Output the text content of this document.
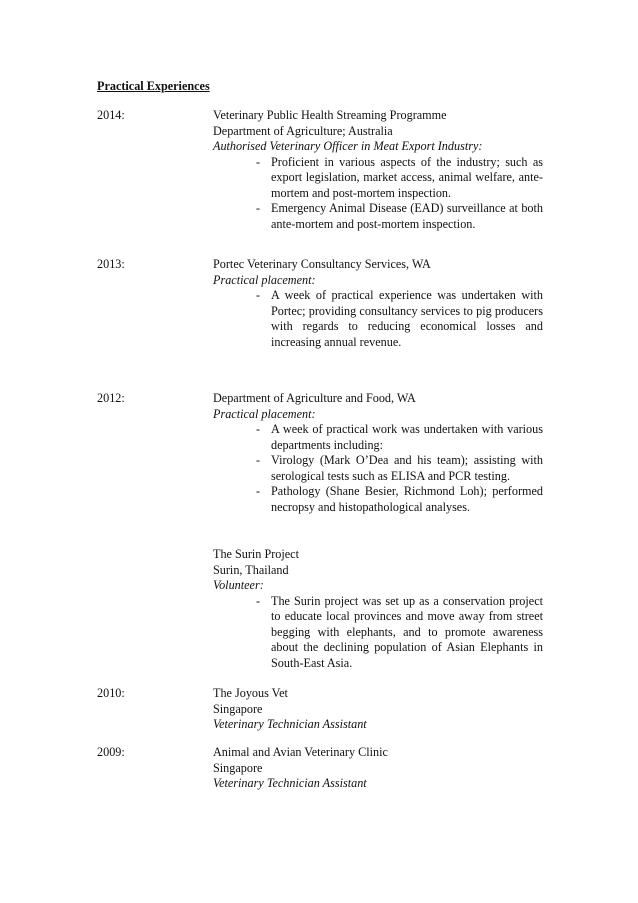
Practical Experiences
2014:	Veterinary Public Health Streaming Programme
Department of Agriculture; Australia
Authorised Veterinary Officer in Meat Export Industry:
- Proficient in various aspects of the industry; such as export legislation, market access, animal welfare, ante-mortem and post-mortem inspection.
- Emergency Animal Disease (EAD) surveillance at both ante-mortem and post-mortem inspection.
2013:	Portec Veterinary Consultancy Services, WA
Practical placement:
- A week of practical experience was undertaken with Portec; providing consultancy services to pig producers with regards to reducing economical losses and increasing annual revenue.
2012:	Department of Agriculture and Food, WA
Practical placement:
- A week of practical work was undertaken with various departments including:
- Virology (Mark O’Dea and his team); assisting with serological tests such as ELISA and PCR testing.
- Pathology (Shane Besier, Richmond Loh); performed necropsy and histopathological analyses.
The Surin Project
Surin, Thailand
Volunteer:
- The Surin project was set up as a conservation project to educate local provinces and move away from street begging with elephants, and to promote awareness about the declining population of Asian Elephants in South-East Asia.
2010:	The Joyous Vet
Singapore
Veterinary Technician Assistant
2009:	Animal and Avian Veterinary Clinic
Singapore
Veterinary Technician Assistant
